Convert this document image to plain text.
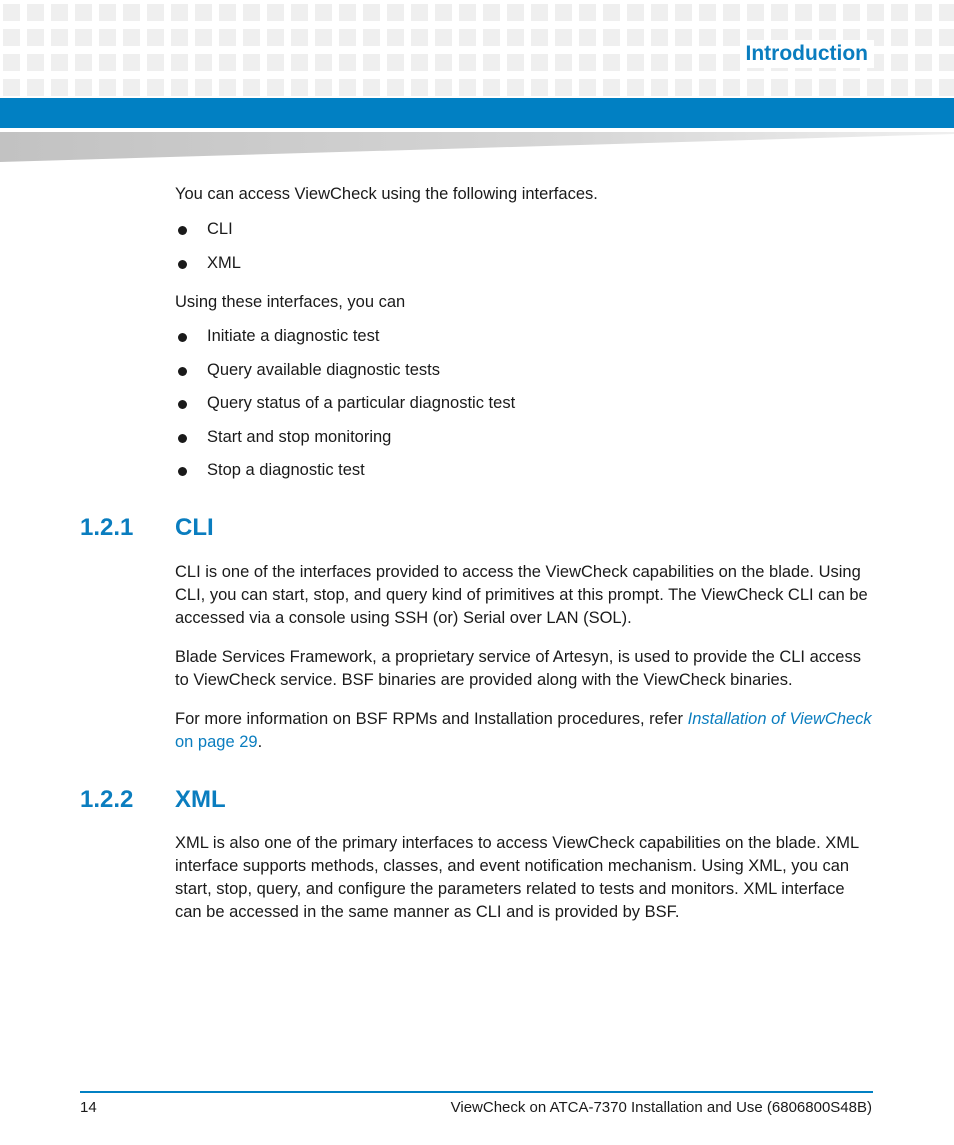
Introduction

You can access ViewCheck using the following interfaces.

CLI
XML

Using these interfaces, you can

Initiate a diagnostic test
Query available diagnostic tests
Query status of a particular diagnostic test
Start and stop monitoring
Stop a diagnostic test
1.2.1 CLI

CLI is one of the interfaces provided to access the ViewCheck capabilities on the blade. Using CLI, you can start, stop, and query kind of primitives at this prompt. The ViewCheck CLI can be accessed via a console using SSH (or) Serial over LAN (SOL).

Blade Services Framework, a proprietary service of Artesyn, is used to provide the CLI access to ViewCheck service. BSF binaries are provided along with the ViewCheck binaries.

For more information on BSF RPMs and Installation procedures, refer Installation of ViewCheck
on page 29.

1.2.2 XML

XML is also one of the primary interfaces to access ViewCheck capabilities on the blade. XML interface supports methods, classes, and event notification mechanism. Using XML, you can start, stop, query, and configure the parameters related to tests and monitors. XML interface can be accessed in the same manner as CLI and is provided by BSF.

14	ViewCheck on ATCA-7370 Installation and Use (6806800S48B)
